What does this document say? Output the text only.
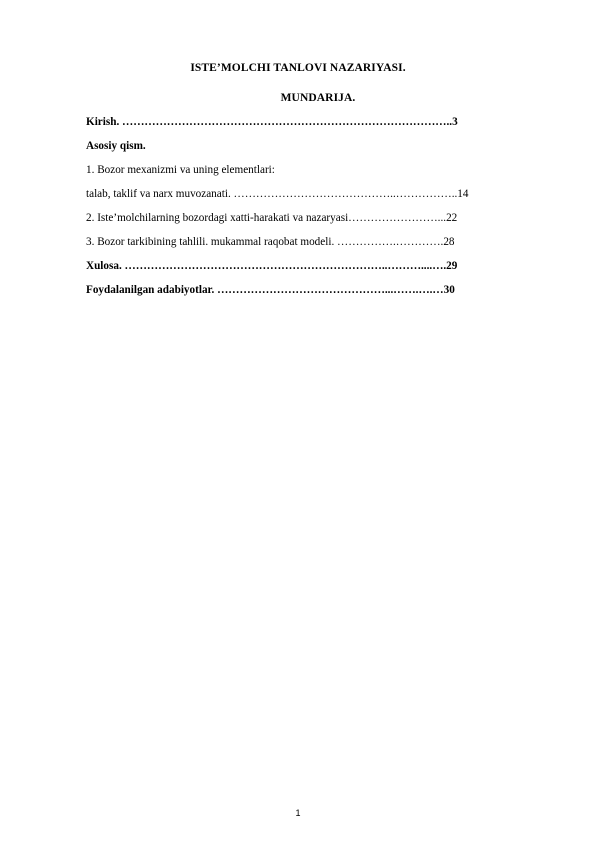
ISTE’MOLCHI TANLOVI NAZARIYASI.
MUNDARIJA.
Kirish. ……………………………………………………………………………..3
Asosiy qism.
1. Bozor mexanizmi va uning elementlari:
talab, taklif va narx muvozanati. ……………………………………..……………..14
2. Iste’molchilarning bozordagi xatti-harakati va nazaryasi……………………...22
3. Bozor tarkibining tahlili. mukammal raqobat modeli. …………….………….28
Xulosa. ……………………………………………………………..………....….29
Foydalanilgan adabiyotlar. ………………………………………...…….….…30
1
